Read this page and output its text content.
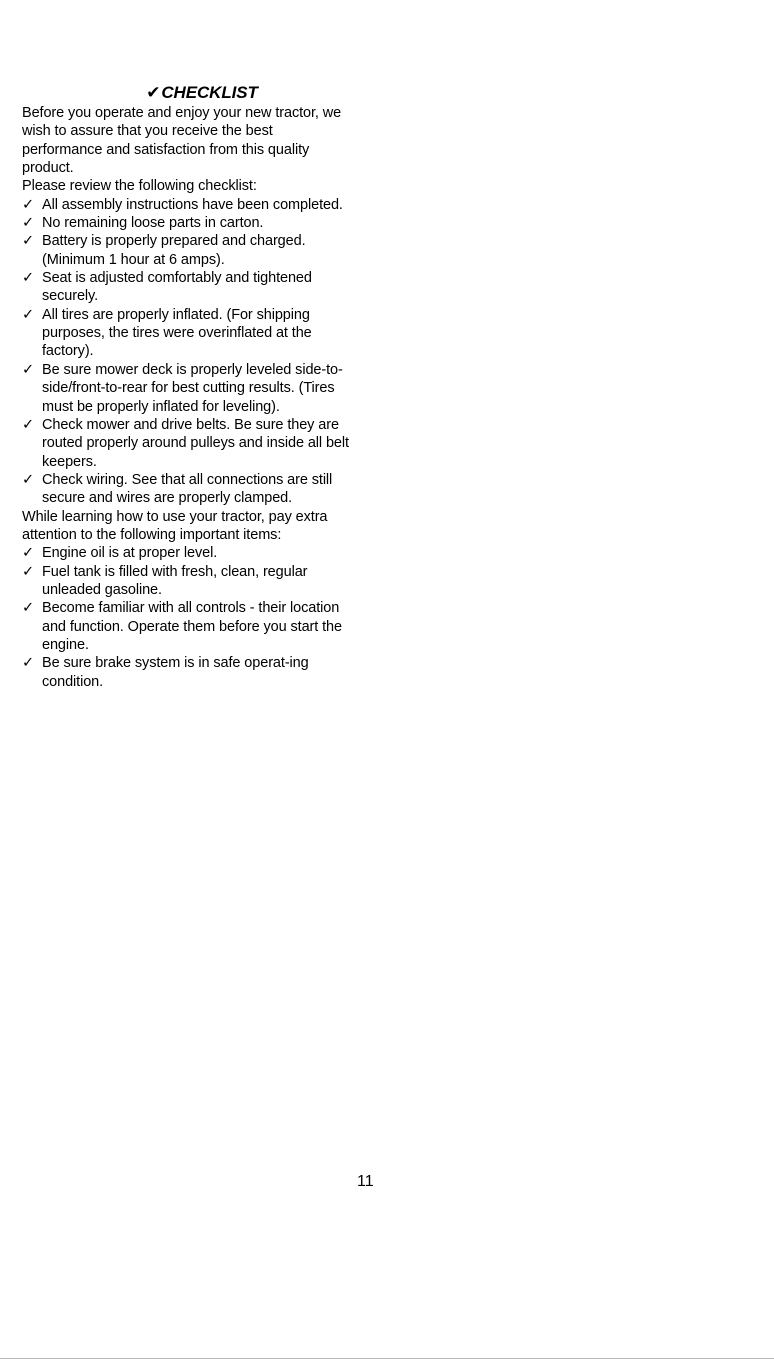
✔CHECKLIST

Before you operate and enjoy your new tractor, we wish to assure that you receive the best performance and satisfaction from this quality product.

Please review the following checklist:

✓ All assembly instructions have been completed.

✓ No remaining loose parts in carton.

✓ Battery is properly prepared and charged.(Minimum 1 hour at 6 amps).

✓ Seat is adjusted comfortably and tightened securely.

✓ All tires are properly inflated. (For shipping purposes, the tires were overinflated at the factory).

✓ Be sure mower deck is properly leveled side-to-side/front-to-rear for best cutting results. (Tires must be properly inflated for leveling).

✓ Check mower and drive belts. Be sure they are routed properly around pulleys and inside all belt keepers.

✓ Check wiring. See that all connections are still secure and wires are properly clamped.

While learning how to use your tractor, pay extra attention to the following important items:

✓ Engine oil is at proper level.

✓ Fuel tank is filled with fresh, clean, regular unleaded gasoline.

✓ Become familiar with all controls - their location and function. Operate them before you start the engine.

✓ Be sure brake system is in safe operat-ing condition.

11
